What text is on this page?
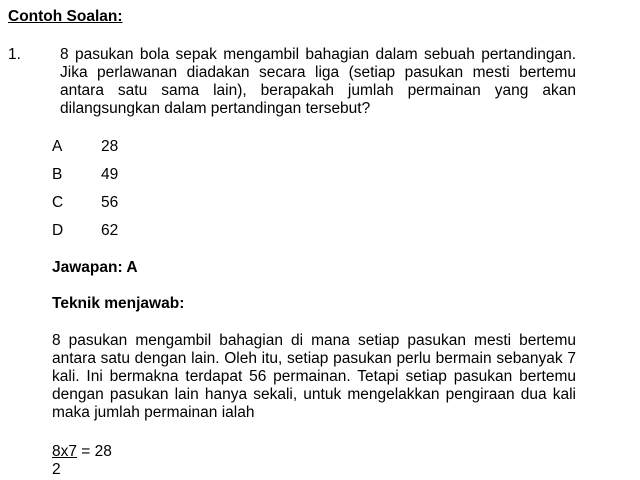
Contoh Soalan:
1.	8 pasukan bola sepak mengambil bahagian dalam sebuah pertandingan. Jika perlawanan diadakan secara liga (setiap pasukan mesti bertemu antara satu sama lain), berapakah jumlah permainan yang akan dilangsungkan dalam pertandingan tersebut?
A 28
B 49
C 56
D 62
Jawapan: A
Teknik menjawab:
8 pasukan mengambil bahagian di mana setiap pasukan mesti bertemu antara satu dengan lain. Oleh itu, setiap pasukan perlu bermain sebanyak 7 kali. Ini bermakna terdapat 56 permainan. Tetapi setiap pasukan bertemu dengan pasukan lain hanya sekali, untuk mengelakkan pengiraan dua kali maka jumlah permainan ialah
8x7 = 28
2
